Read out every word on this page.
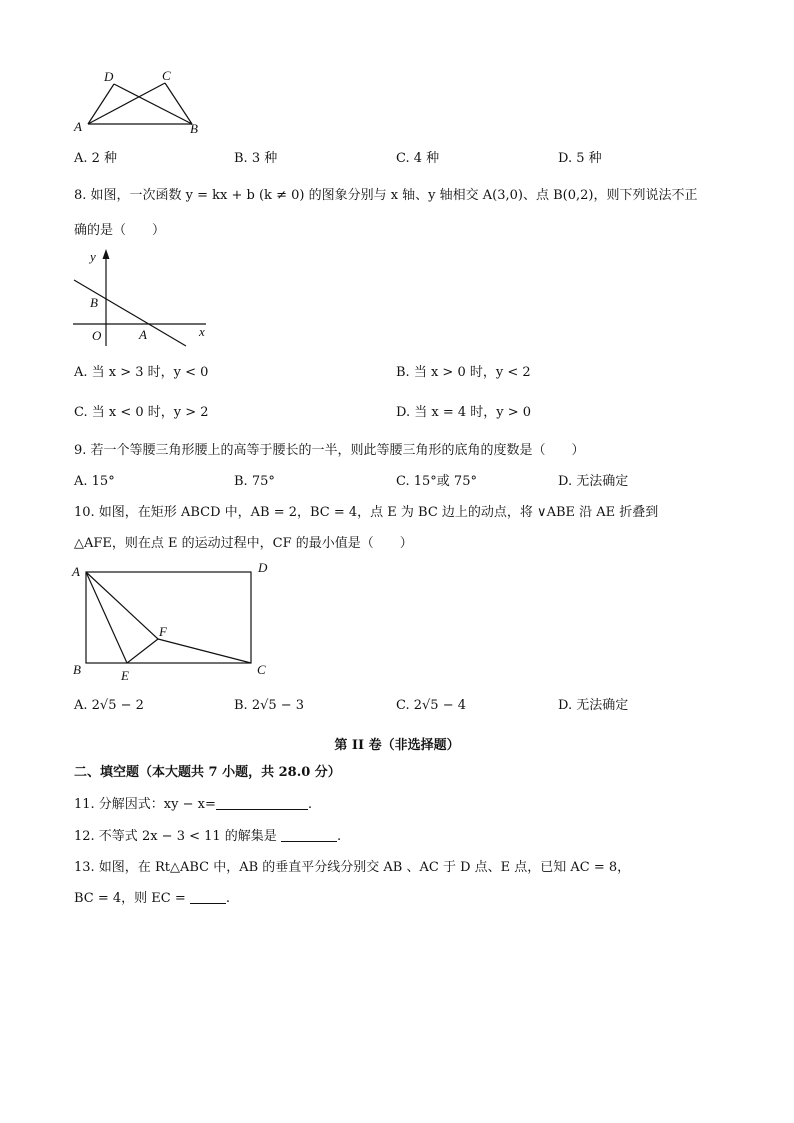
D	C
A	B
A. 2 种	B. 3 种	C. 4 种	D. 5 种
8. 如图，一次函数 y = kx + b (k ≠ 0) 的图象分别与 x 轴、y 轴相交 A(3,0)、点 B(0,2)，则下列说法不正
确的是（　　）
y
x
B
O	A
A. 当 x > 3 时，y < 0	B. 当 x > 0 时，y < 2
C. 当 x < 0 时，y > 2	D. 当 x = 4 时，y > 0
9. 若一个等腰三角形腰上的高等于腰长的一半，则此等腰三角形的底角的度数是（　　）
A. 15°	B. 75°	C. 15°或 75°	D. 无法确定
10. 如图，在矩形 ABCD 中，AB = 2，BC = 4，点 E 为 BC 边上的动点，将 ∨ABE 沿 AE 折叠到
△AFE，则在点 E 的运动过程中，CF 的最小值是（　　）
A	D
B	E	C
F
A. 2√5 − 2	B. 2√5 − 3	C. 2√5 − 4	D. 无法确定
第 II 卷（非选择题）
二、填空题（本大题共 7 小题，共 28.0 分）
11. 分解因式：xy − x=	.
12. 不等式 2x − 3 < 11 的解集是	.
13. 如图，在 Rt△ABC 中，AB 的垂直平分线分别交 AB 、AC 于 D 点、E 点，已知 AC = 8，
BC = 4，则 EC =	.
